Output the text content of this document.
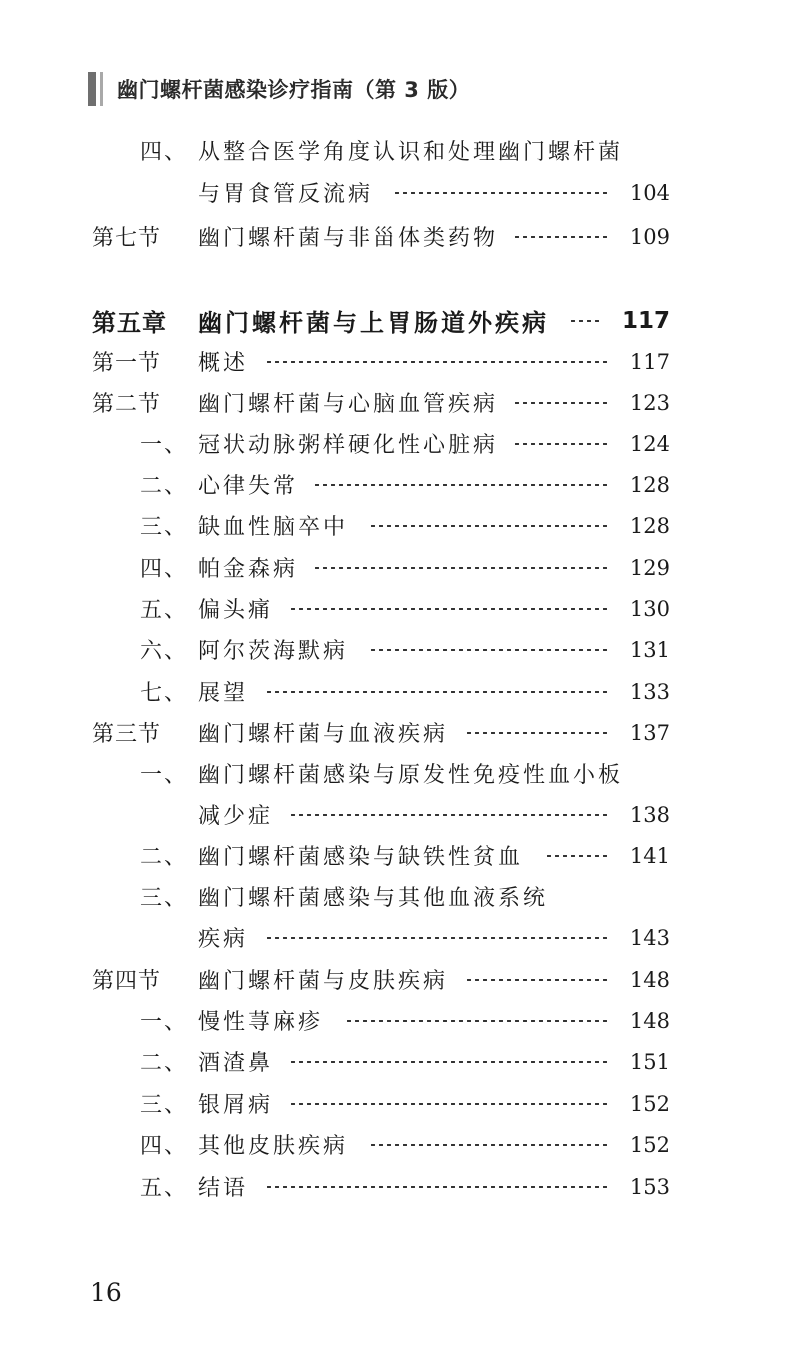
幽门螺杆菌感染诊疗指南（第 3 版）
四、 从整合医学角度认识和处理幽门螺杆菌
与胃食管反流病	104
第七节 幽门螺杆菌与非甾体类药物	109
第五章 幽门螺杆菌与上胃肠道外疾病	117
第一节 概述	117
第二节 幽门螺杆菌与心脑血管疾病	123
一、 冠状动脉粥样硬化性心脏病	124
二、 心律失常	128
三、 缺血性脑卒中	128
四、 帕金森病	129
五、 偏头痛	130
六、 阿尔茨海默病	131
七、 展望	133
第三节 幽门螺杆菌与血液疾病	137
一、 幽门螺杆菌感染与原发性免疫性血小板
减少症	138
二、 幽门螺杆菌感染与缺铁性贫血	141
三、 幽门螺杆菌感染与其他血液系统
疾病	143
第四节 幽门螺杆菌与皮肤疾病	148
一、 慢性荨麻疹	148
二、 酒渣鼻	151
三、 银屑病	152
四、 其他皮肤疾病	152
五、 结语	153
16
